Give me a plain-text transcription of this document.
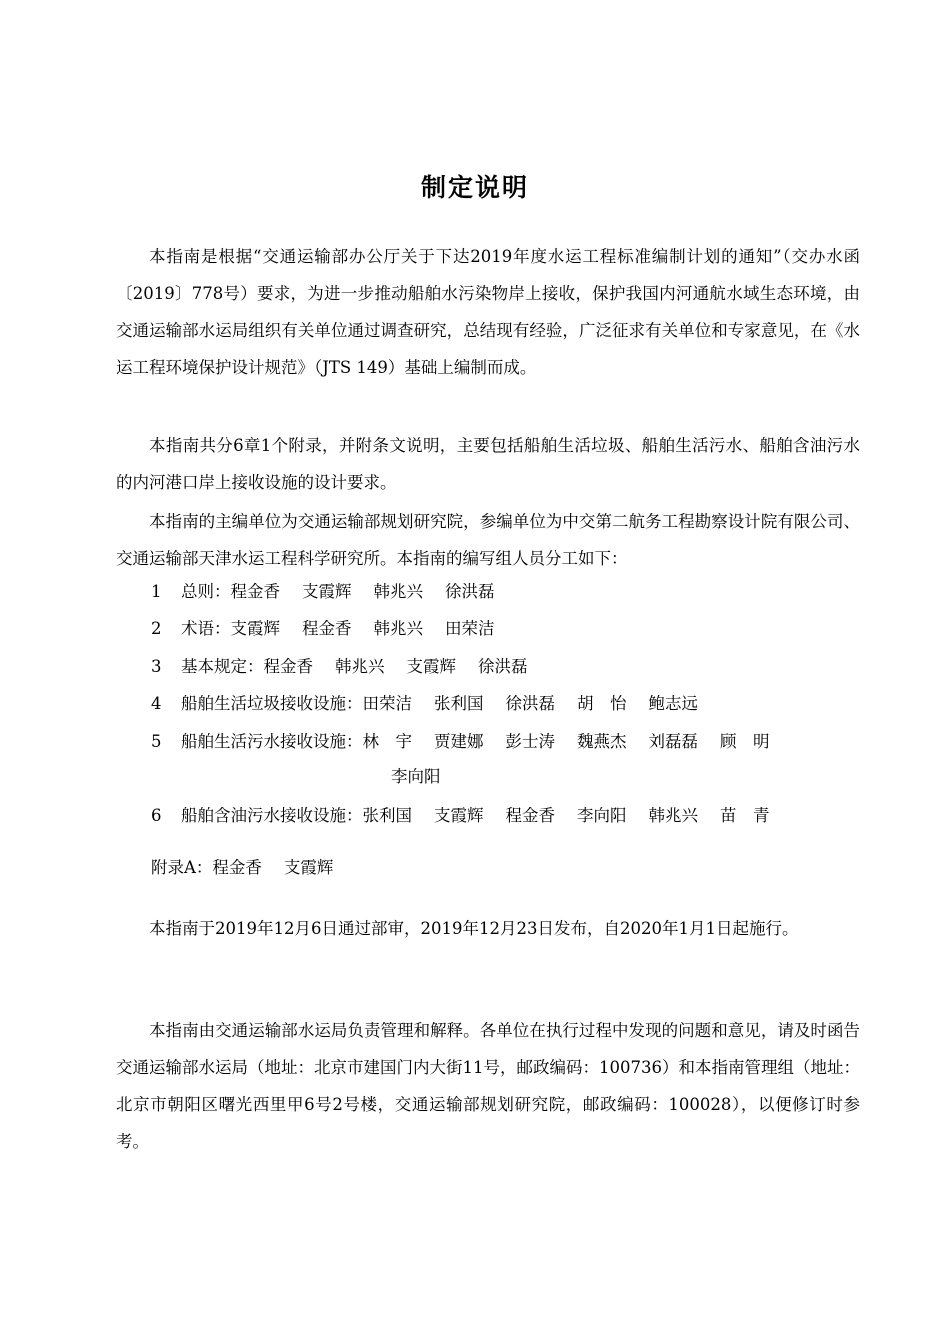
制定说明
本指南是根据“交通运输部办公厅关于下达2019年度水运工程标准编制计划的通知”（交办水函〔2019〕778号）要求，为进一步推动船舶水污染物岸上接收，保护我国内河通航水域生态环境，由交通运输部水运局组织有关单位通过调查研究，总结现有经验，广泛征求有关单位和专家意见，在《水运工程环境保护设计规范》（JTS 149）基础上编制而成。
本指南共分6章1个附录，并附条文说明，主要包括船舶生活垃圾、船舶生活污水、船舶含油污水的内河港口岸上接收设施的设计要求。
本指南的主编单位为交通运输部规划研究院，参编单位为中交第二航务工程勘察设计院有限公司、交通运输部天津水运工程科学研究所。本指南的编写组人员分工如下：
1 总则：程金香 支霞辉 韩兆兴 徐洪磊
2 术语：支霞辉 程金香 韩兆兴 田荣洁
3 基本规定：程金香 韩兆兴 支霞辉 徐洪磊
4 船舶生活垃圾接收设施：田荣洁 张利国 徐洪磊 胡　怡 鲍志远
5 船舶生活污水接收设施：林　宇 贾建娜 彭士涛 魏燕杰 刘磊磊 顾　明
李向阳
6 船舶含油污水接收设施：张利国 支霞辉 程金香 李向阳 韩兆兴 苗　青
附录A：程金香 支霞辉
本指南于2019年12月6日通过部审，2019年12月23日发布，自2020年1月1日起施行。
本指南由交通运输部水运局负责管理和解释。各单位在执行过程中发现的问题和意见，请及时函告交通运输部水运局（地址：北京市建国门内大街11号，邮政编码：100736）和本指南管理组（地址：北京市朝阳区曙光西里甲6号2号楼，交通运输部规划研究院，邮政编码：100028），以便修订时参考。
